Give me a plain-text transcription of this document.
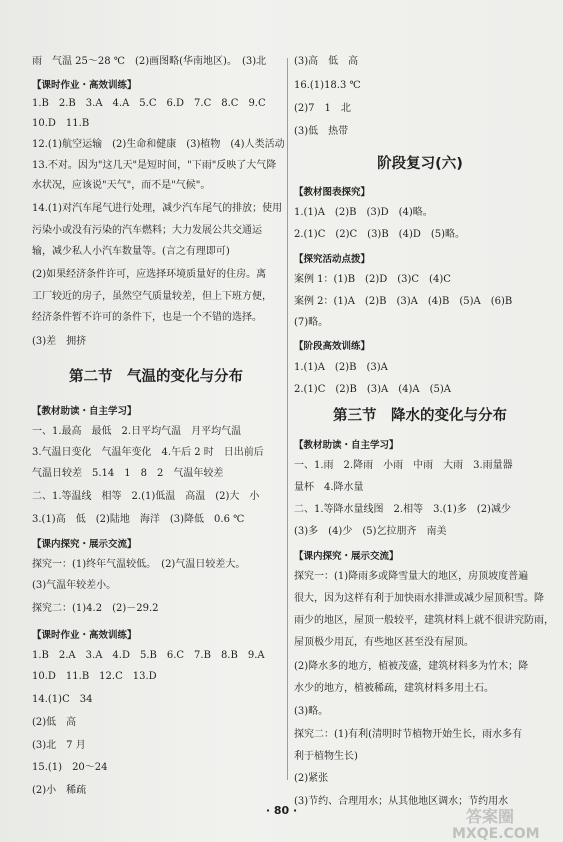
雨　气温 25～28 ℃　(2)画图略(华南地区)。　(3)北
【课时作业・高效训练】
1.B　2.B　3.A　4.A　5.C　6.D　7.C　8.C　9.C
10.D　11.B
12.(1)航空运输　(2)生命和健康　(3)植物　(4)人类活动
13.不对。因为"这几天"是短时间，"下雨"反映了大气降
水状况，应该说"天气"，而不是"气候"。
14.(1)对汽车尾气进行处理，减少汽车尾气的排放；使用
污染小或没有污染的汽车燃料；大力发展公共交通运
输，减少私人小汽车数量等。(言之有理即可)
(2)如果经济条件许可，应选择环境质量好的住房。离
工厂较近的房子，虽然空气质量较差，但上下班方便，
经济条件暂不许可的条件下，也是一个不错的选择。
(3)差　拥挤
第二节　气温的变化与分布
【教材助读・自主学习】
一、1.最高　最低　2.日平均气温　月平均气温
3.气温日变化　气温年变化　4.午后 2 时　日出前后
气温日较差　5.14　1　8　2　气温年较差
二、1.等温线　相等　2.(1)低温　高温　(2)大　小
3.(1)高　低　(2)陆地　海洋　(3)降低　0.6 ℃
【课内探究・展示交流】
探究一：(1)终年气温较低。　(2)气温日较差大。
(3)气温年较差小。
探究二：(1)4.2　(2)－29.2
【课时作业・高效训练】
1.B　2.A　3.A　4.D　5.B　6.C　7.B　8.B　9.A
10.D　11.B　12.C　13.D
14.(1)C　34
(2)低　高
(3)北　7 月
15.(1)　20～24
(2)小　稀疏
(3)高　低　高
16.(1)18.3 ℃
(2)7　1　北
(3)低　热带
阶段复习(六)
【教材图表探究】
1.(1)A　(2)B　(3)D　(4)略。
2.(1)C　(2)C　(3)B　(4)D　(5)略。
【探究活动点拨】
案例 1：(1)B　(2)D　(3)C　(4)C
案例 2：(1)A　(2)B　(3)A　(4)B　(5)A　(6)B
(7)略。
【阶段高效训练】
1.(1)A　(2)B　(3)A
2.(1)C　(2)B　(3)A　(4)A　(5)A
第三节　降水的变化与分布
【教材助读・自主学习】
一、1.雨　2.降雨　小雨　中雨　大雨　3.雨量器
量杯　4.降水量
二、1.等降水量线图　2.相等　3.(1)多　(2)减少
(3)多　(4)少　(5)乞拉朋齐　南美
【课内探究・展示交流】
探究一：(1)降雨多或降雪量大的地区，房顶坡度普遍
很大，因为这样有利于加快雨水排泄或减少屋顶积雪。降
雨少的地区，屋顶一般较平，建筑材料上就不很讲究防雨，
屋顶极少用瓦，有些地区甚至没有屋顶。
(2)降水多的地方，植被茂盛，建筑材料多为竹木；降
水少的地方，植被稀疏，建筑材料多用土石。
(3)略。
探究二：(1)有利(清明时节植物开始生长，雨水多有
利于植物生长)
(2)紧张
(3)节约、合理用水；从其他地区调水；节约用水
· 80 ·	答案圈
MXQE.COM
